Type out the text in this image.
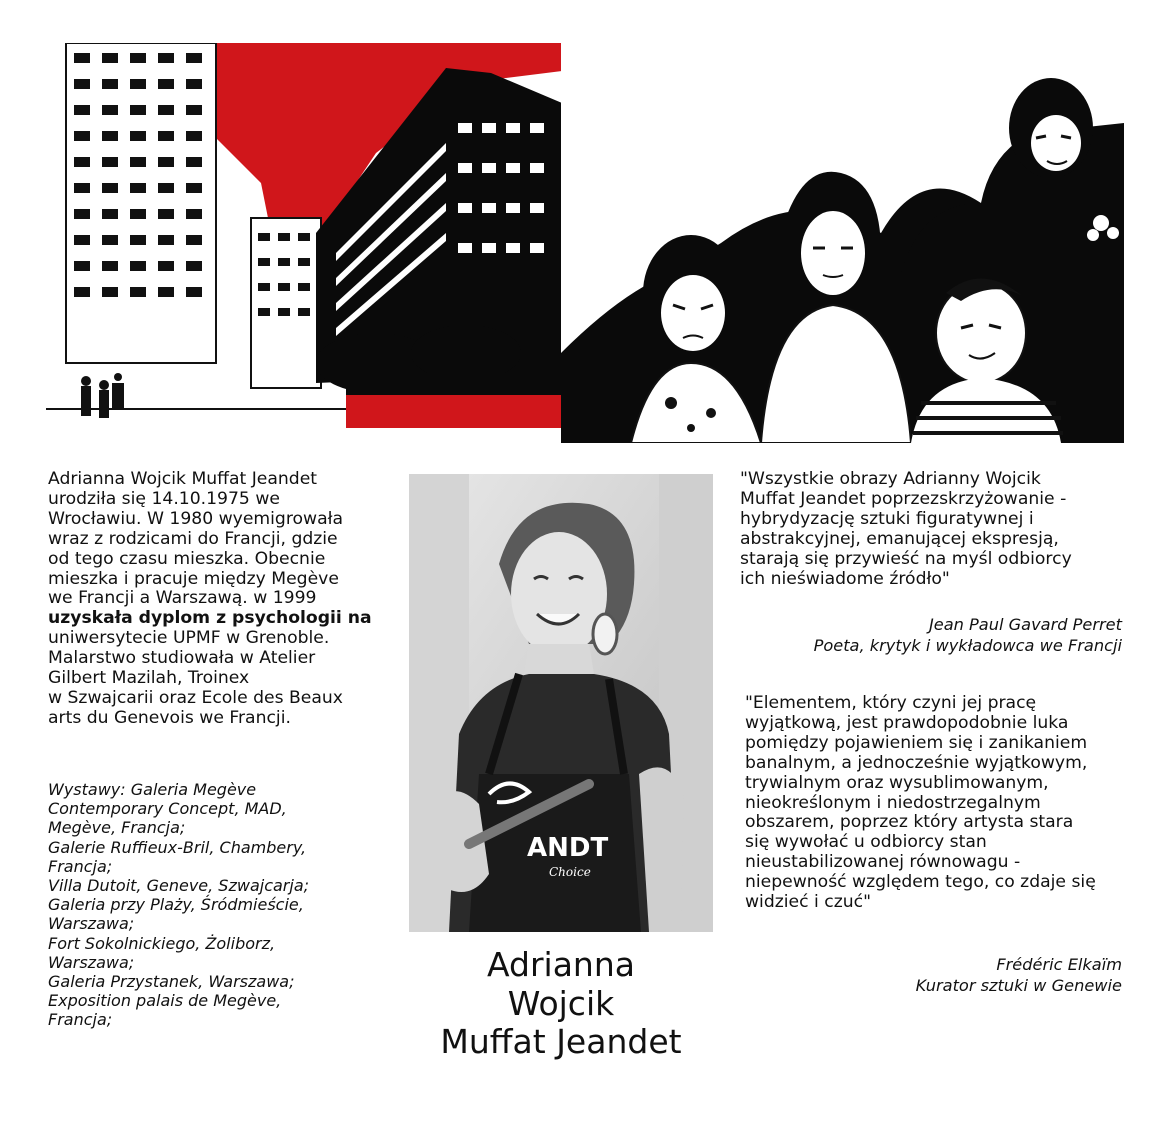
ANDT
Choice
Adrianna Wojcik Muffat Jeandet
urodziła się 14.10.1975 we
Wrocławiu. W 1980 wyemigrowała
wraz z rodzicami do Francji, gdzie
od tego czasu mieszka. Obecnie
mieszka i pracuje między Megève
we Francji a Warszawą. w 1999
uzyskała dyplom z psychologii na
uniwersytecie UPMF w Grenoble.
Malarstwo studiowała w Atelier
Gilbert Mazilah, Troinex
w Szwajcarii oraz Ecole des Beaux
arts du Genevois we Francji.
Wystawy: Galeria Megève
Contemporary Concept, MAD,
Megève, Francja;
Galerie Ruffieux-Bril, Chambery,
Francja;
Villa Dutoit, Geneve, Szwajcarja;
Galeria przy Plaży, Śródmieście,
Warszawa;
Fort Sokolnickiego, Żoliborz,
Warszawa;
Galeria Przystanek, Warszawa;
Exposition palais de Megève,
Francja;
Adrianna
Wojcik
Muffat Jeandet
"Wszystkie obrazy Adrianny Wojcik
Muffat Jeandet poprzezskrzyżowanie -
hybrydyzację sztuki figuratywnej i
abstrakcyjnej, emanującej ekspresją,
starają się przywieść na myśl odbiorcy
ich nieświadome źródło"
Jean Paul Gavard Perret
Poeta, krytyk i wykładowca we Francji
"Elementem, który czyni jej pracę
wyjątkową, jest prawdopodobnie luka
pomiędzy pojawieniem się i zanikaniem
banalnym, a jednocześnie wyjątkowym,
trywialnym oraz wysublimowanym,
nieokreślonym i niedostrzegalnym
obszarem, poprzez który artysta stara
się wywołać u odbiorcy stan
nieustabilizowanej równowagu -
niepewność względem tego, co zdaje się
widzieć i czuć"
Frédéric Elkaïm
Kurator sztuki w Genewie
